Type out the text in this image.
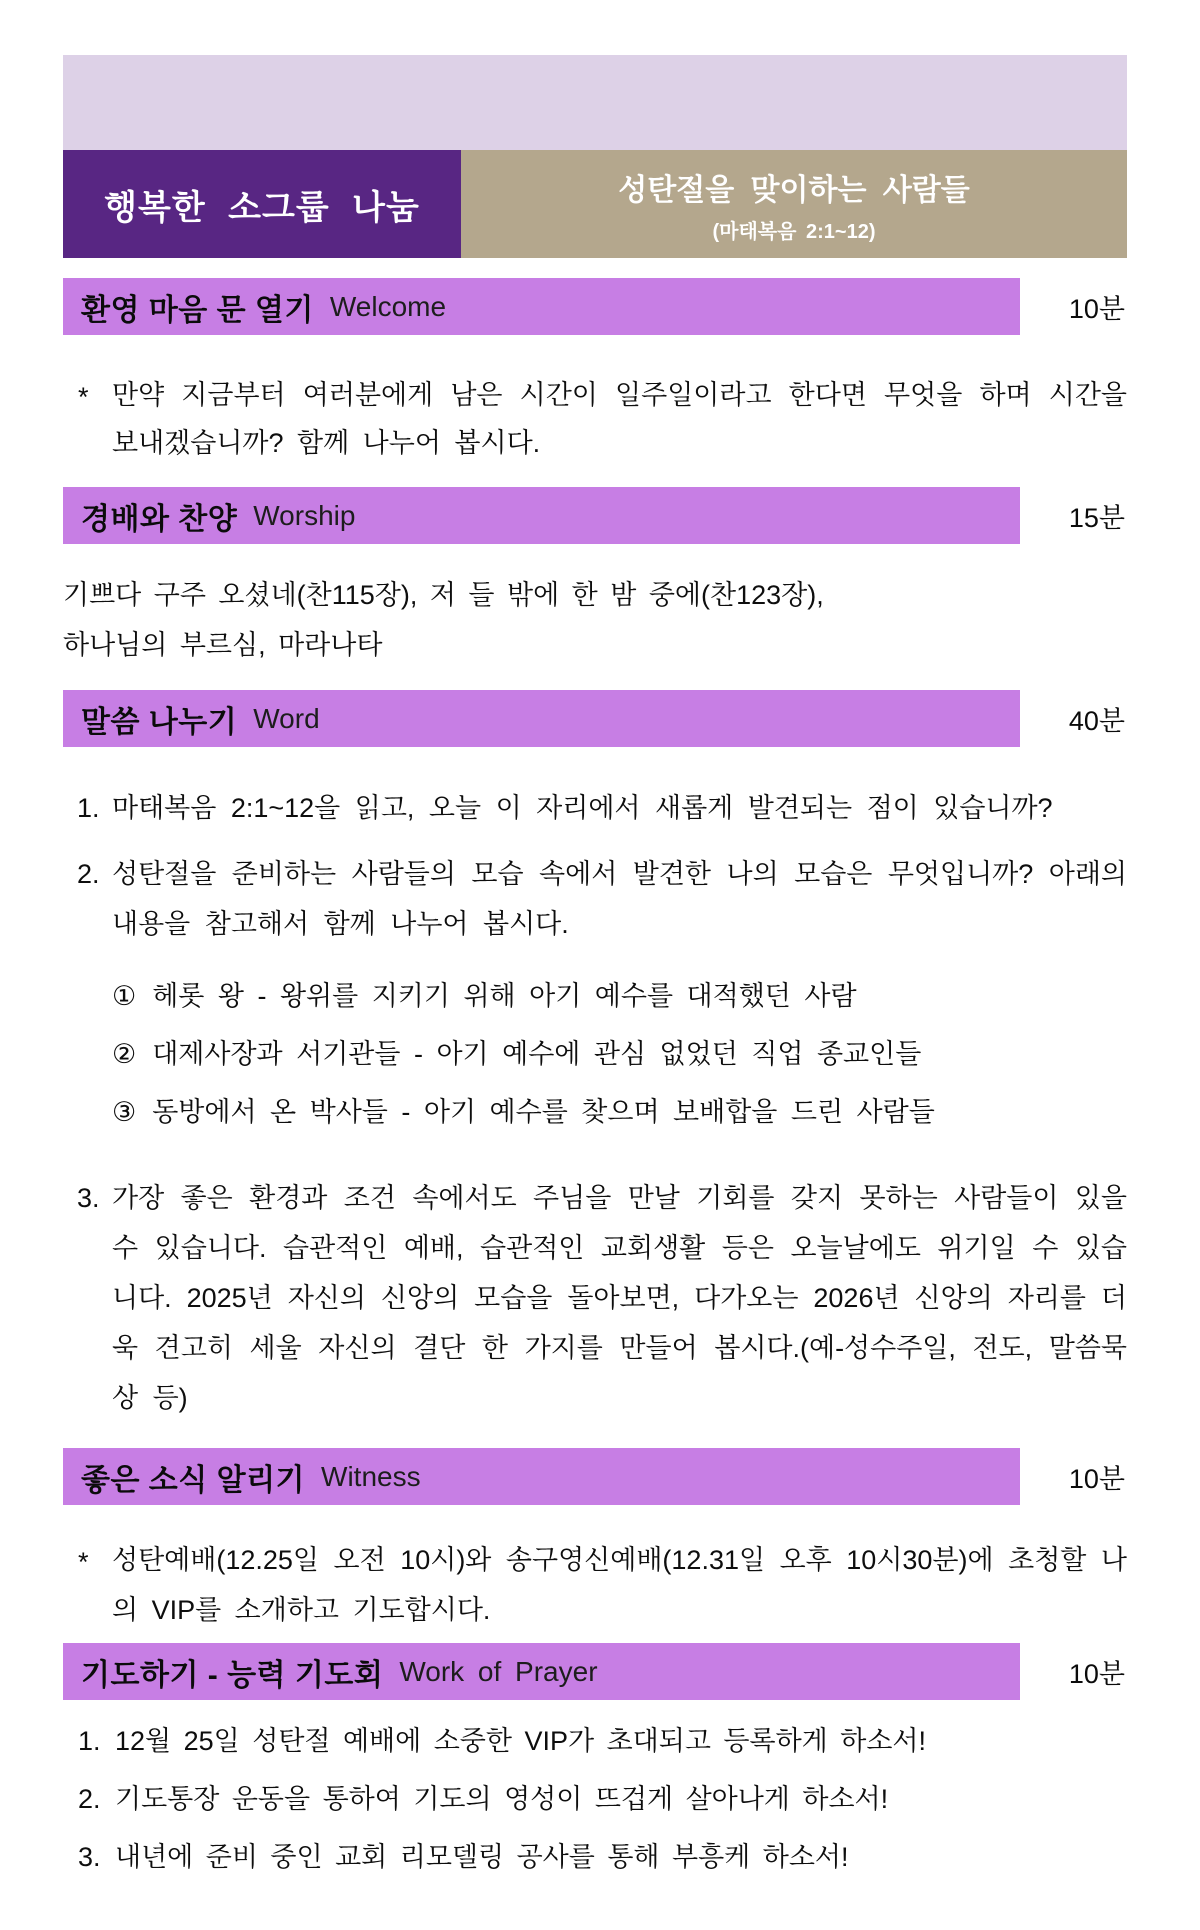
행복한 소그룹 나눔	성탄절을 맞이하는 사람들
(마태복음 2:1~12)
환영 마음 문 열기 Welcome	10분
* 만약 지금부터 여러분에게 남은 시간이 일주일이라고 한다면 무엇을 하며 시간을 보내겠습니까? 함께 나누어 봅시다.
경배와 찬양 Worship	15분
기쁘다 구주 오셨네(찬115장), 저 들 밖에 한 밤 중에(찬123장),
하나님의 부르심, 마라나타
말씀 나누기 Word	40분
1. 마태복음 2:1~12을 읽고, 오늘 이 자리에서 새롭게 발견되는 점이 있습니까?
2. 성탄절을 준비하는 사람들의 모습 속에서 발견한 나의 모습은 무엇입니까? 아래의 내용을 참고해서 함께 나누어 봅시다.
① 헤롯 왕 - 왕위를 지키기 위해 아기 예수를 대적했던 사람
② 대제사장과 서기관들 - 아기 예수에 관심 없었던 직업 종교인들
③ 동방에서 온 박사들 - 아기 예수를 찾으며 보배합을 드린 사람들
3. 가장 좋은 환경과 조건 속에서도 주님을 만날 기회를 갖지 못하는 사람들이 있을 수 있습니다. 습관적인 예배, 습관적인 교회생활 등은 오늘날에도 위기일 수 있습니다. 2025년 자신의 신앙의 모습을 돌아보면, 다가오는 2026년 신앙의 자리를 더욱 견고히 세울 자신의 결단 한 가지를 만들어 봅시다.(예-성수주일, 전도, 말씀묵상 등)
좋은 소식 알리기 Witness	10분
* 성탄예배(12.25일 오전 10시)와 송구영신예배(12.31일 오후 10시30분)에 초청할 나의 VIP를 소개하고 기도합시다.
기도하기 - 능력 기도회 Work of Prayer	10분
1. 12월 25일 성탄절 예배에 소중한 VIP가 초대되고 등록하게 하소서!
2. 기도통장 운동을 통하여 기도의 영성이 뜨겁게 살아나게 하소서!
3. 내년에 준비 중인 교회 리모델링 공사를 통해 부흥케 하소서!
